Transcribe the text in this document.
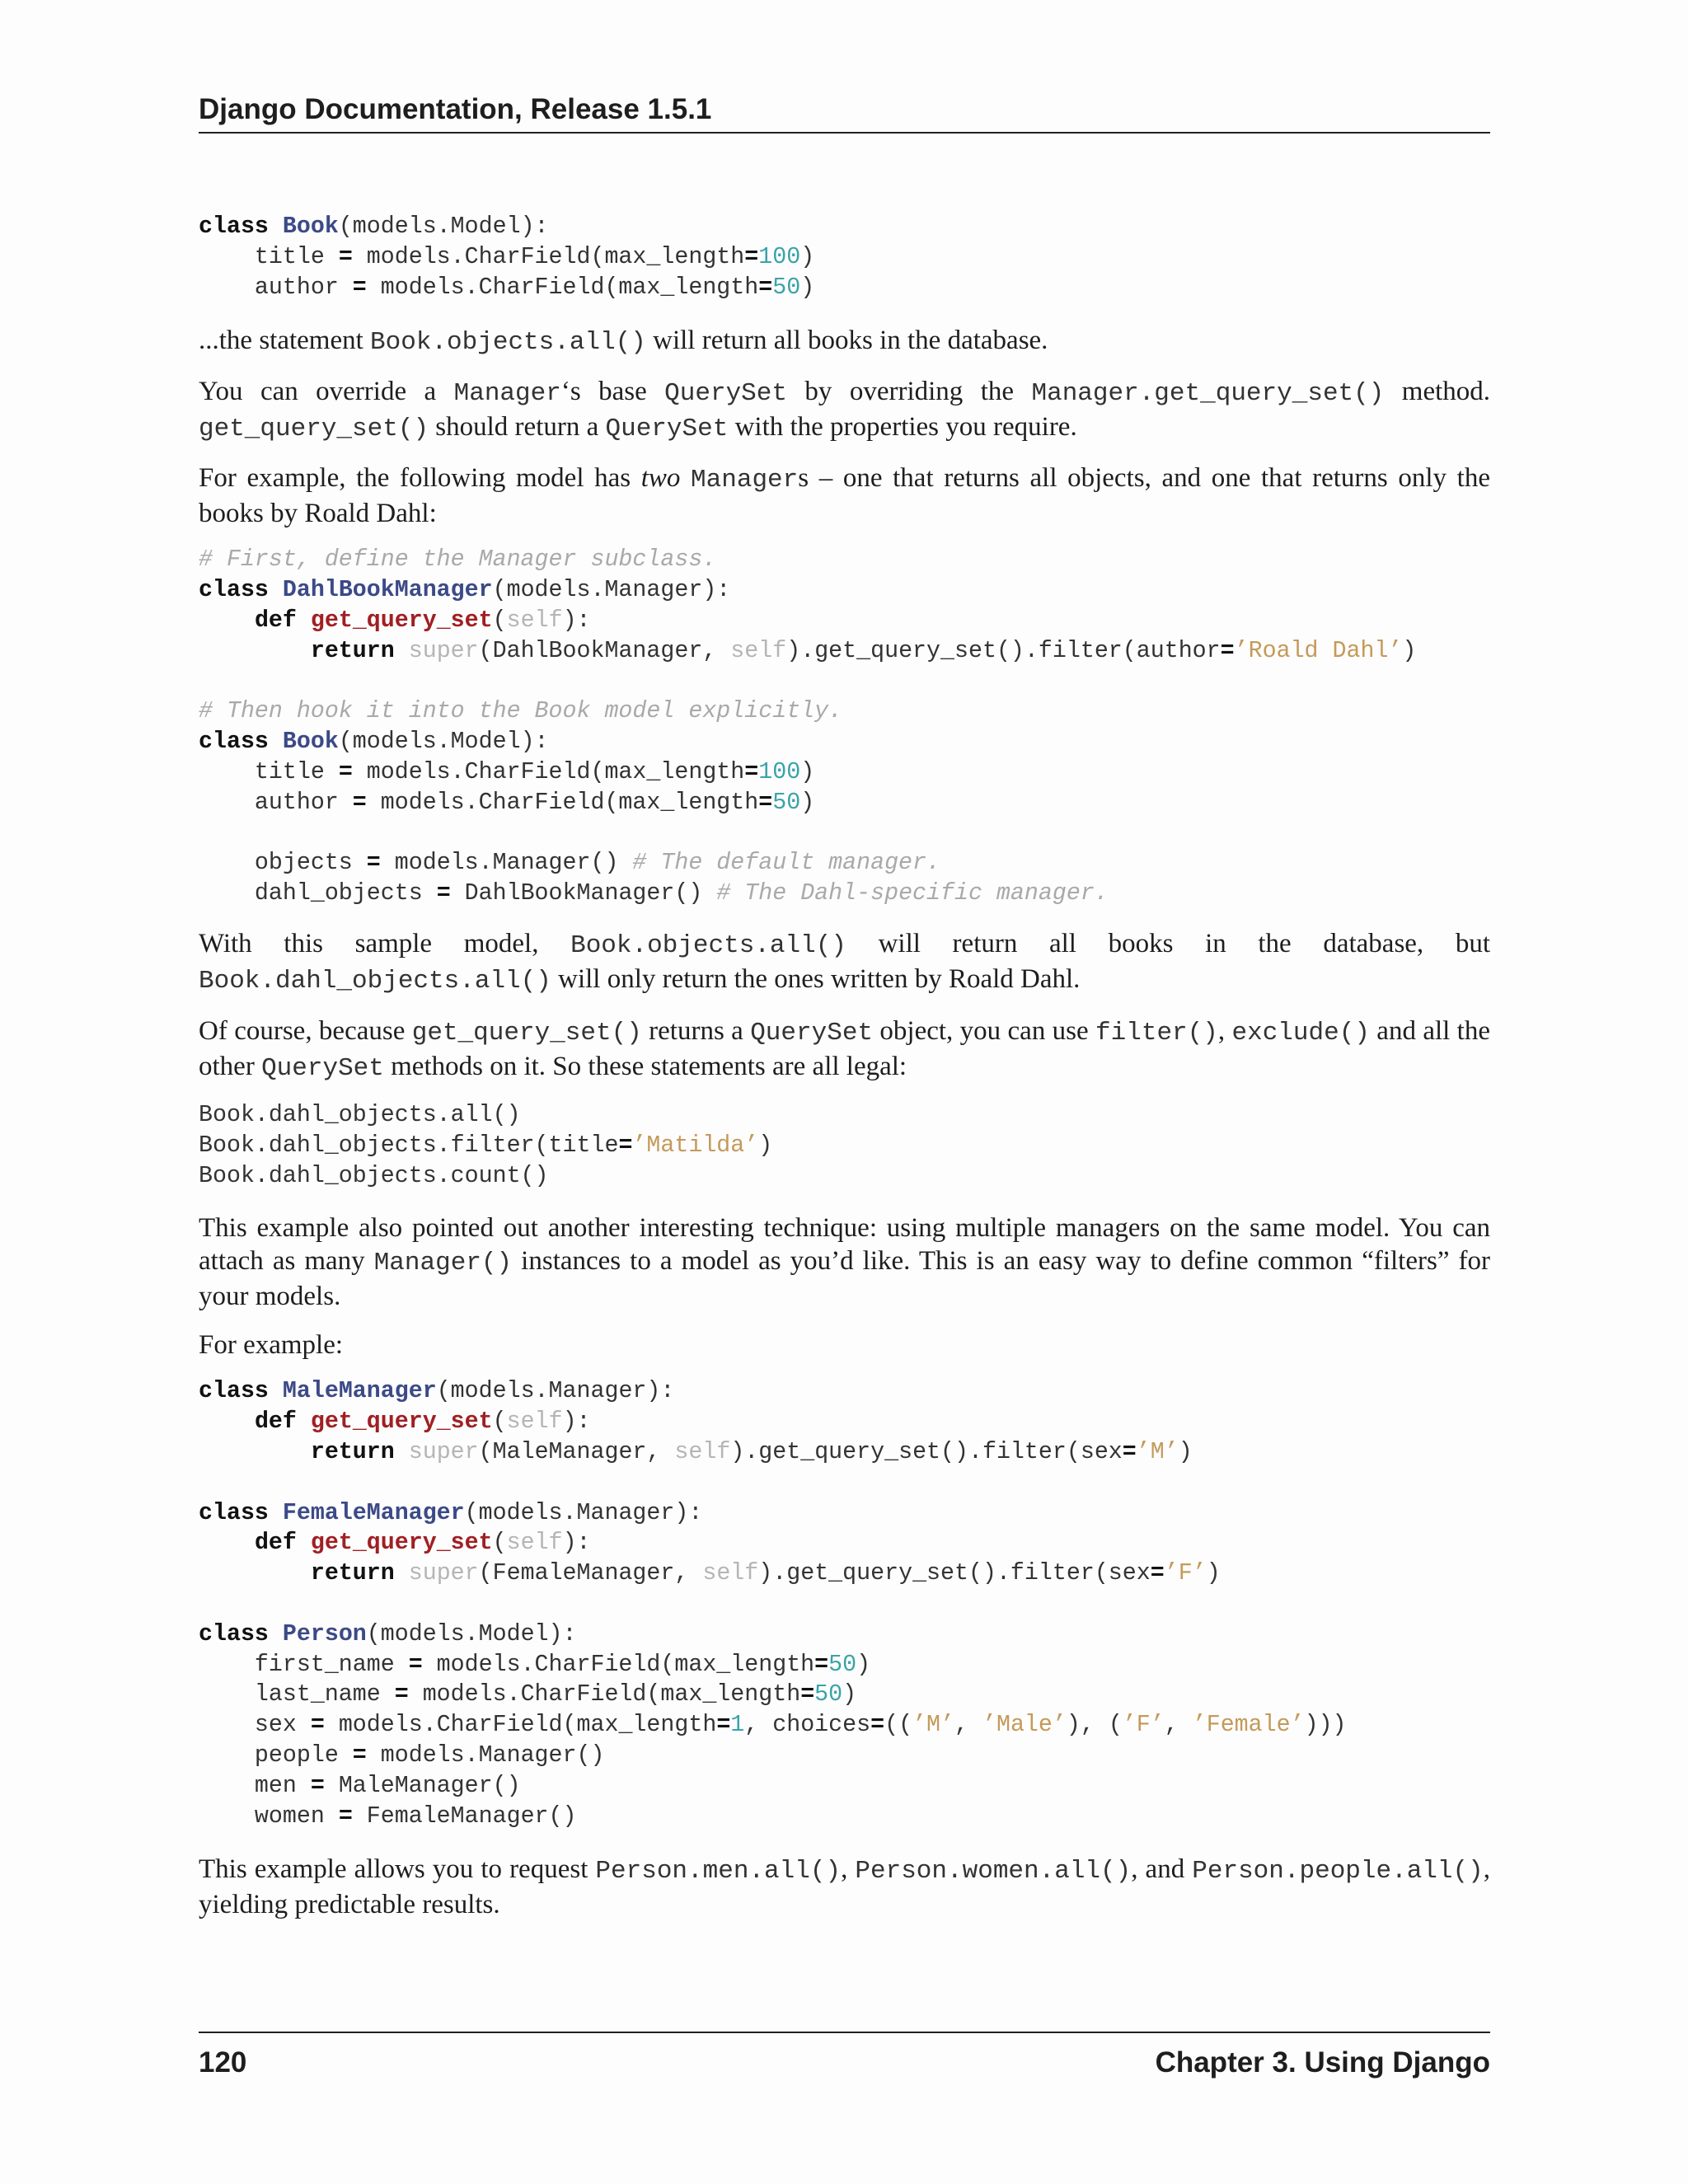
Django Documentation, Release 1.5.1
class Book(models.Model):
title = models.CharField(max_length=100)
author = models.CharField(max_length=50)

...the statement Book.objects.all() will return all books in the database.

You can override a Manager‘s base QuerySet by overriding the Manager.get_query_set() method. get_query_set() should return a QuerySet with the properties you require.

For example, the following model has two Managers – one that returns all objects, and one that returns only the books by Roald Dahl:

# First, define the Manager subclass.
class DahlBookManager(models.Manager):
def get_query_set(self):
return super(DahlBookManager, self).get_query_set().filter(author=’Roald Dahl’)

# Then hook it into the Book model explicitly.
class Book(models.Model):
title = models.CharField(max_length=100)
author = models.CharField(max_length=50)

objects = models.Manager() # The default manager.
dahl_objects = DahlBookManager() # The Dahl-specific manager.

With this sample model, Book.objects.all() will return all books in the database, but Book.dahl_objects.all() will only return the ones written by Roald Dahl.

Of course, because get_query_set() returns a QuerySet object, you can use filter(), exclude() and all the other QuerySet methods on it. So these statements are all legal:

Book.dahl_objects.all()
Book.dahl_objects.filter(title=’Matilda’)
Book.dahl_objects.count()

This example also pointed out another interesting technique: using multiple managers on the same model. You can attach as many Manager() instances to a model as you’d like. This is an easy way to define common “filters” for your models.

For example:

class MaleManager(models.Manager):
def get_query_set(self):
return super(MaleManager, self).get_query_set().filter(sex=’M’)

class FemaleManager(models.Manager):
def get_query_set(self):
return super(FemaleManager, self).get_query_set().filter(sex=’F’)

class Person(models.Model):
first_name = models.CharField(max_length=50)
last_name = models.CharField(max_length=50)
sex = models.CharField(max_length=1, choices=((’M’, ’Male’), (’F’, ’Female’)))
people = models.Manager()
men = MaleManager()
women = FemaleManager()

This example allows you to request Person.men.all(), Person.women.all(), and Person.people.all(), yielding predictable results.

120	Chapter 3. Using Django
